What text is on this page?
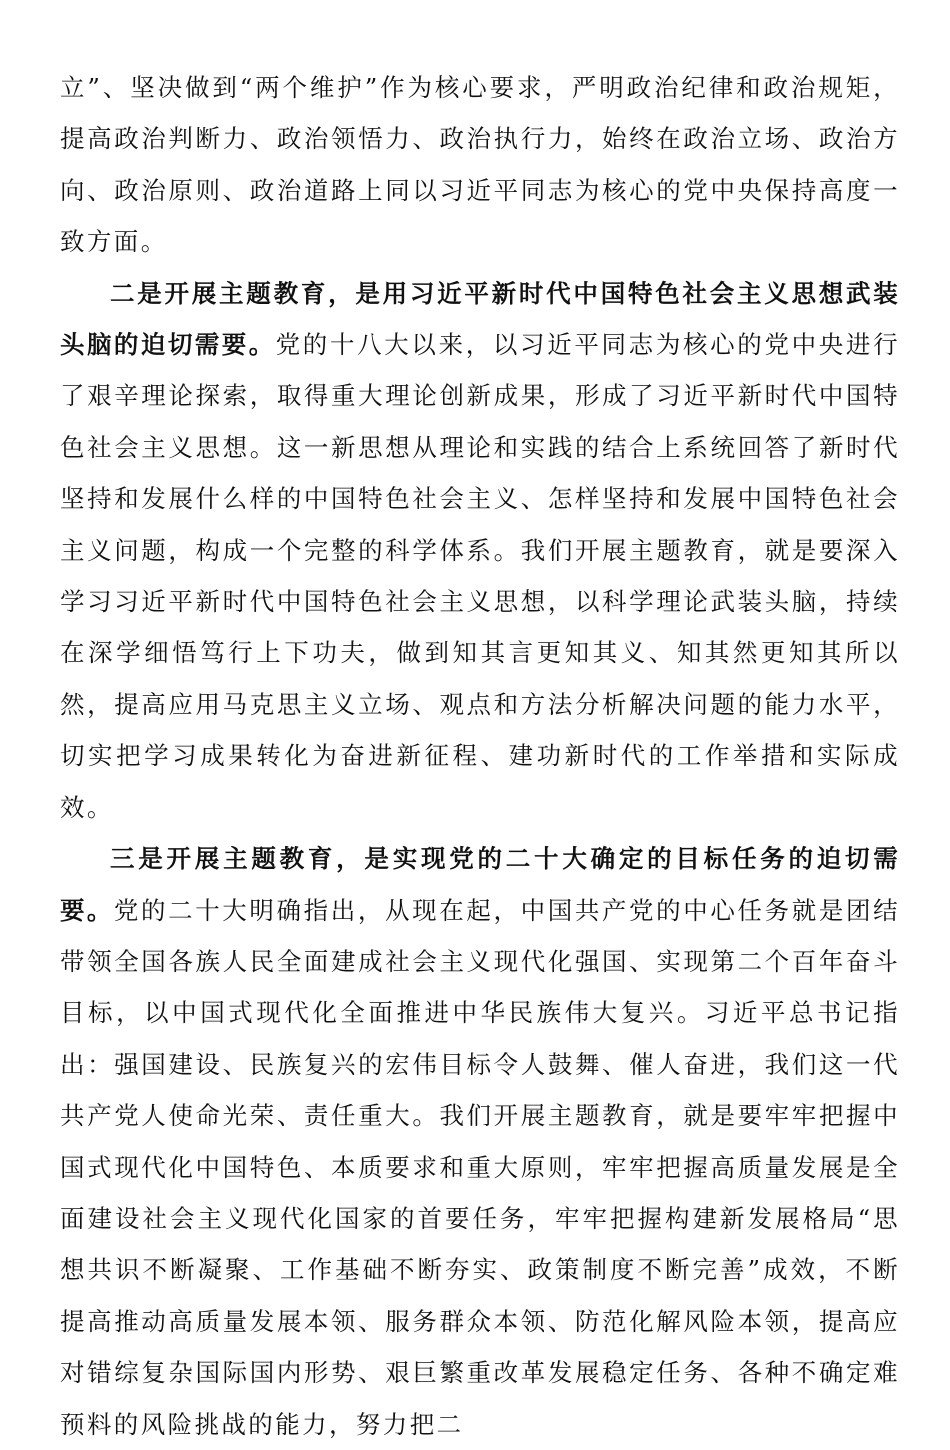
立”、坚决做到“两个维护”作为核心要求，严明政治纪律和政治规矩，提高政治判断力、政治领悟力、政治执行力，始终在政治立场、政治方向、政治原则、政治道路上同以习近平同志为核心的党中央保持高度一致方面。

二是开展主题教育，是用习近平新时代中国特色社会主义思想武装头脑的迫切需要。党的十八大以来，以习近平同志为核心的党中央进行了艰辛理论探索，取得重大理论创新成果，形成了习近平新时代中国特色社会主义思想。这一新思想从理论和实践的结合上系统回答了新时代坚持和发展什么样的中国特色社会主义、怎样坚持和发展中国特色社会主义问题，构成一个完整的科学体系。我们开展主题教育，就是要深入学习习近平新时代中国特色社会主义思想，以科学理论武装头脑，持续在深学细悟笃行上下功夫，做到知其言更知其义、知其然更知其所以然，提高应用马克思主义立场、观点和方法分析解决问题的能力水平，切实把学习成果转化为奋进新征程、建功新时代的工作举措和实际成效。

三是开展主题教育，是实现党的二十大确定的目标任务的迫切需要。党的二十大明确指出，从现在起，中国共产党的中心任务就是团结带领全国各族人民全面建成社会主义现代化强国、实现第二个百年奋斗目标，以中国式现代化全面推进中华民族伟大复兴。习近平总书记指出：强国建设、民族复兴的宏伟目标令人鼓舞、催人奋进，我们这一代共产党人使命光荣、责任重大。我们开展主题教育，就是要牢牢把握中国式现代化中国特色、本质要求和重大原则，牢牢把握高质量发展是全面建设社会主义现代化国家的首要任务，牢牢把握构建新发展格局“思想共识不断凝聚、工作基础不断夯实、政策制度不断完善”成效，不断提高推动高质量发展本领、服务群众本领、防范化解风险本领，提高应对错综复杂国际国内形势、艰巨繁重改革发展稳定任务、各种不确定难预料的风险挑战的能力，努力把二
